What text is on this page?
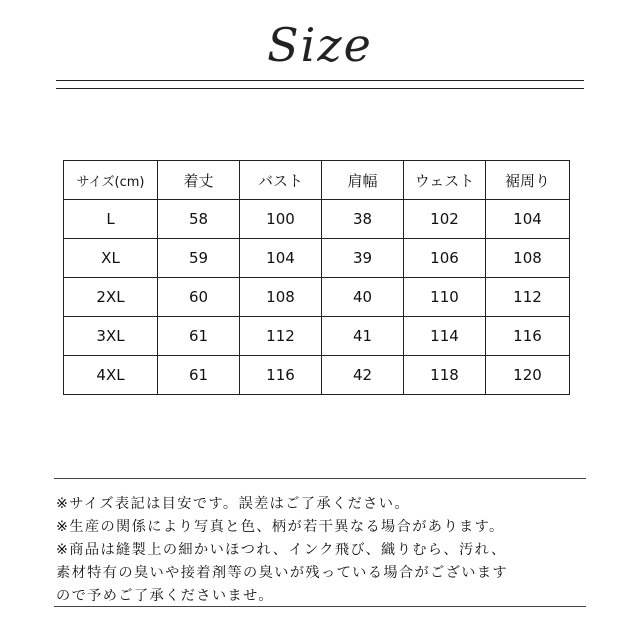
Size
サイズ(cm)	着丈	バスト	肩幅	ウェスト	裾周り
L	58	100	38	102	104
XL	59	104	39	106	108
2XL	60	108	40	110	112
3XL	61	112	41	114	116
4XL	61	116	42	118	120
※サイズ表記は目安です。誤差はご了承ください。
※生産の関係により写真と色、柄が若干異なる場合があります。
※商品は縫製上の細かいほつれ、インク飛び、織りむら、汚れ、
素材特有の臭いや接着剤等の臭いが残っている場合がございます
ので予めご了承くださいませ。
